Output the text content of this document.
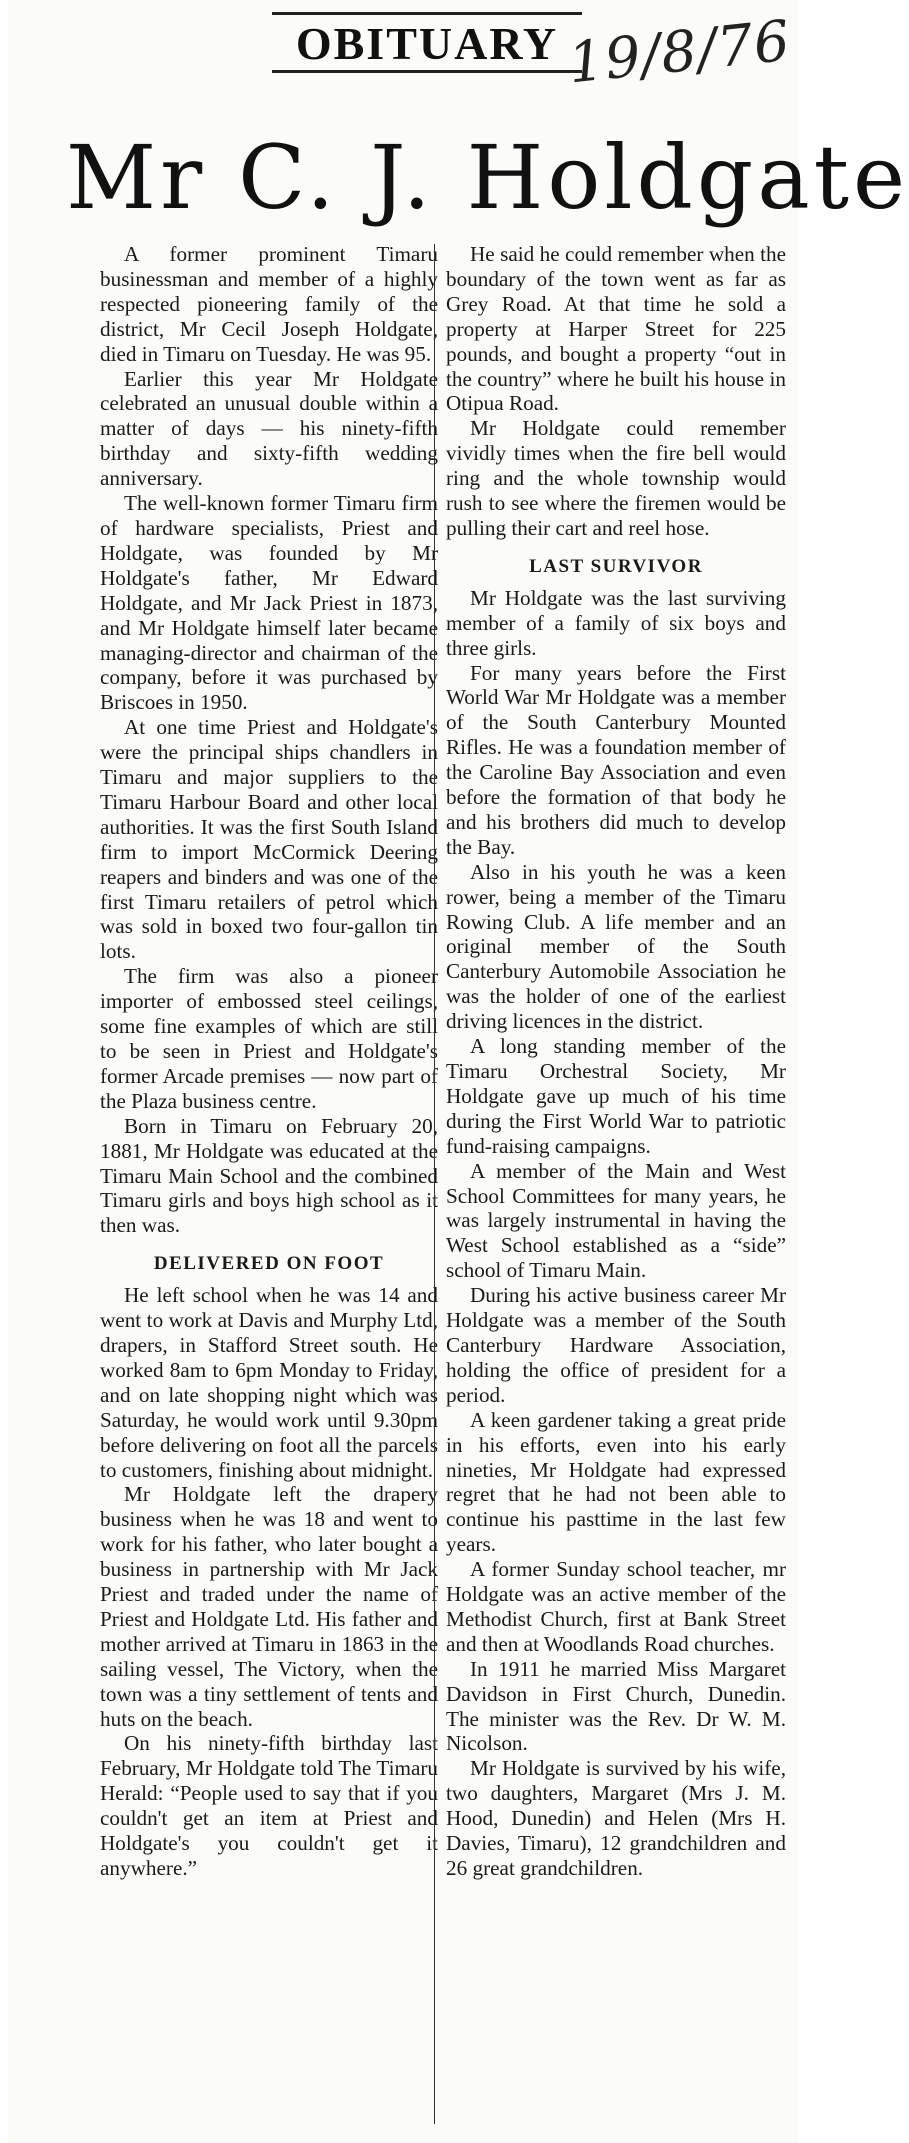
OBITUARY 19/8/76
Mr C. J. Holdgate

A former prominent Timaru businessman and member of a highly respected pioneering family of the district, Mr Cecil Joseph Holdgate, died in Timaru on Tuesday. He was 95.

Earlier this year Mr Holdgate celebrated an unusual double within a matter of days — his ninety-fifth birthday and sixty-fifth wedding anniversary.

The well-known former Timaru firm of hardware specialists, Priest and Holdgate, was founded by Mr Holdgate's father, Mr Edward Holdgate, and Mr Jack Priest in 1873, and Mr Holdgate himself later became managing-director and chairman of the company, before it was purchased by Briscoes in 1950.

At one time Priest and Holdgate's were the principal ships chandlers in Timaru and major suppliers to the Timaru Harbour Board and other local authorities. It was the first South Island firm to import McCormick Deering reapers and binders and was one of the first Timaru retailers of petrol which was sold in boxed two four-gallon tin lots.

The firm was also a pioneer importer of embossed steel ceilings, some fine examples of which are still to be seen in Priest and Holdgate's former Arcade premises — now part of the Plaza business centre.

Born in Timaru on February 20, 1881, Mr Holdgate was educated at the Timaru Main School and the combined Timaru girls and boys high school as it then was.

DELIVERED ON FOOT

He left school when he was 14 and went to work at Davis and Murphy Ltd, drapers, in Stafford Street south. He worked 8am to 6pm Monday to Friday, and on late shopping night which was Saturday, he would work until 9.30pm before delivering on foot all the parcels to customers, finishing about midnight.

Mr Holdgate left the drapery business when he was 18 and went to work for his father, who later bought a business in partnership with Mr Jack Priest and traded under the name of Priest and Holdgate Ltd. His father and mother arrived at Timaru in 1863 in the sailing vessel, The Victory, when the town was a tiny settlement of tents and huts on the beach.

On his ninety-fifth birthday last February, Mr Holdgate told The Timaru Herald: “People used to say that if you couldn't get an item at Priest and Holdgate's you couldn't get it anywhere.”

He said he could remember when the boundary of the town went as far as Grey Road. At that time he sold a property at Harper Street for 225 pounds, and bought a property “out in the country” where he built his house in Otipua Road.

Mr Holdgate could remember vividly times when the fire bell would ring and the whole township would rush to see where the firemen would be pulling their cart and reel hose.

LAST SURVIVOR

Mr Holdgate was the last surviving member of a family of six boys and three girls.

For many years before the First World War Mr Holdgate was a member of the South Canterbury Mounted Rifles. He was a foundation member of the Caroline Bay Association and even before the formation of that body he and his brothers did much to develop the Bay.

Also in his youth he was a keen rower, being a member of the Timaru Rowing Club. A life member and an original member of the South Canterbury Automobile Association he was the holder of one of the earliest driving licences in the district.

A long standing member of the Timaru Orchestral Society, Mr Holdgate gave up much of his time during the First World War to patriotic fund-raising campaigns.

A member of the Main and West School Committees for many years, he was largely instrumental in having the West School established as a “side” school of Timaru Main.

During his active business career Mr Holdgate was a member of the South Canterbury Hardware Association, holding the office of president for a period.

A keen gardener taking a great pride in his efforts, even into his early nineties, Mr Holdgate had expressed regret that he had not been able to continue his pasttime in the last few years.

A former Sunday school teacher, mr Holdgate was an active member of the Methodist Church, first at Bank Street and then at Woodlands Road churches.

In 1911 he married Miss Margaret Davidson in First Church, Dunedin. The minister was the Rev. Dr W. M. Nicolson.

Mr Holdgate is survived by his wife, two daughters, Margaret (Mrs J. M. Hood, Dunedin) and Helen (Mrs H. Davies, Timaru), 12 grandchildren and 26 great grandchildren.
